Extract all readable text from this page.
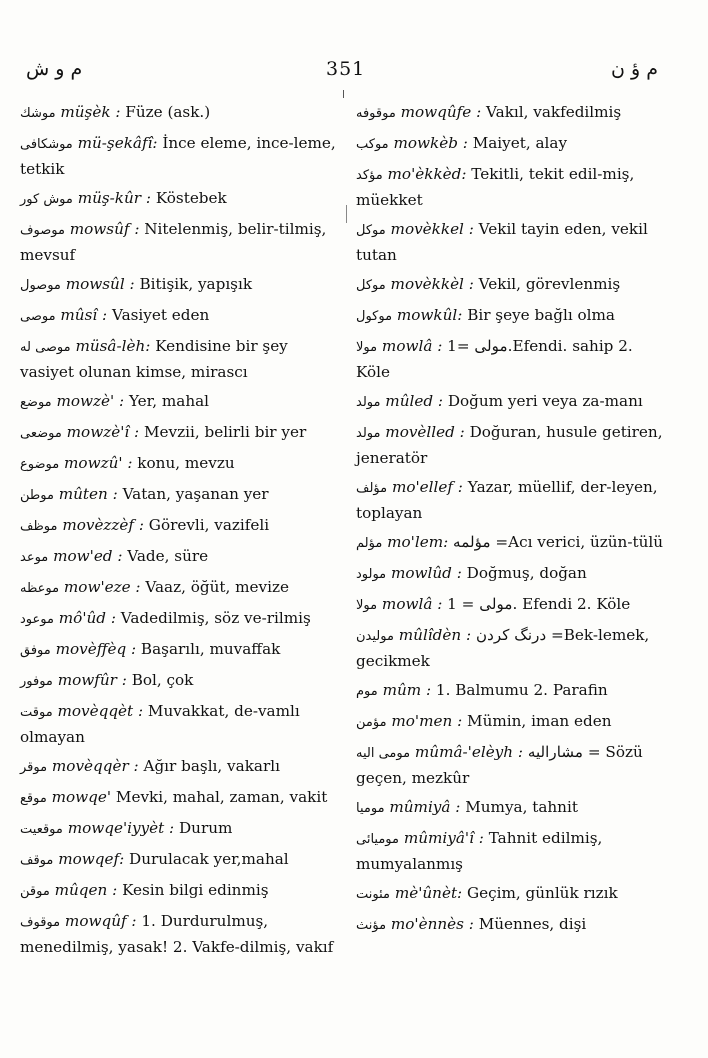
م و ش	351	م ؤ ن
موشك müşèk : Füze (ask.)
موشكافى mü-şekâfî: İnce eleme, ince-leme, tetkik
موش كور müş-kûr : Köstebek
موصوف mowsûf : Nitelenmiş, belir-tilmiş, mevsuf
موصول mowsûl : Bitişik, yapışık
موصى mûsî : Vasiyet eden
موصى له müsâ-lèh: Kendisine bir şey vasiyet olunan kimse, mirascı
موضع mowzè' : Yer, mahal
موضعى mowzè'î : Mevzii, belirli bir yer
موضوع mowzû' : konu, mevzu
موطن mûten : Vatan, yaşanan yer
موظف movèzzèf : Görevli, vazifeli
موعد mow'ed : Vade, süre
موعظه mow'eze : Vaaz, öğüt, mevize
موعود mô'ûd : Vadedilmiş, söz ve-rilmiş
موفق movèffèq : Başarılı, muvaffak
موفور mowfûr : Bol, çok
موقت movèqqèt : Muvakkat, de-vamlı olmayan
موقر movèqqèr : Ağır başlı, vakarlı
موقع mowqe' Mevki, mahal, zaman, vakit
موقعيت mowqe'iyyèt : Durum
موقف mowqef: Durulacak yer,mahal
موقن mûqen : Kesin bilgi edinmiş
موقوف mowqûf : 1. Durdurulmuş, menedilmiş, yasak! 2. Vakfe-dilmiş, vakıf
موقوفه mowqûfe : Vakıl, vakfedilmiş
موكب mowkèb : Maiyet, alay
مؤكد mo'èkkèd: Tekitli, tekit edil-miş, müekket
موكل movèkkel : Vekil tayin eden, vekil tutan
موكل movèkkèl : Vekil, görevlenmiş
موكول mowkûl: Bir şeye bağlı olma
مولا mowlâ : مولى =1.Efendi. sahip 2. Köle
مولد mûled : Doğum yeri veya za-manı
مولد movèlled : Doğuran, husule getiren, jeneratör
مؤلف mo'ellef : Yazar, müellif, der-leyen, toplayan
مؤلم mo'lem: مؤلمه =Acı verici, üzün-tülü
مولود mowlûd : Doğmuş, doğan
مولا mowlâ : مولى = 1. Efendi 2. Köle
موليدن mûlîdèn : درنگ كردن =Bek-lemek, gecikmek
موم mûm : 1. Balmumu 2. Parafin
مؤمن mo'men : Mümin, iman eden
مومى اليه mûmâ-'elèyh : مشاراليه = Sözü geçen, mezkûr
موميا mûmiyâ : Mumya, tahnit
موميائى mûmiyâ'î : Tahnit edilmiş, mumyalanmış
مئونت mè'ûnèt: Geçim, günlük rızık
مؤنث mo'ènnès : Müennes, dişi
